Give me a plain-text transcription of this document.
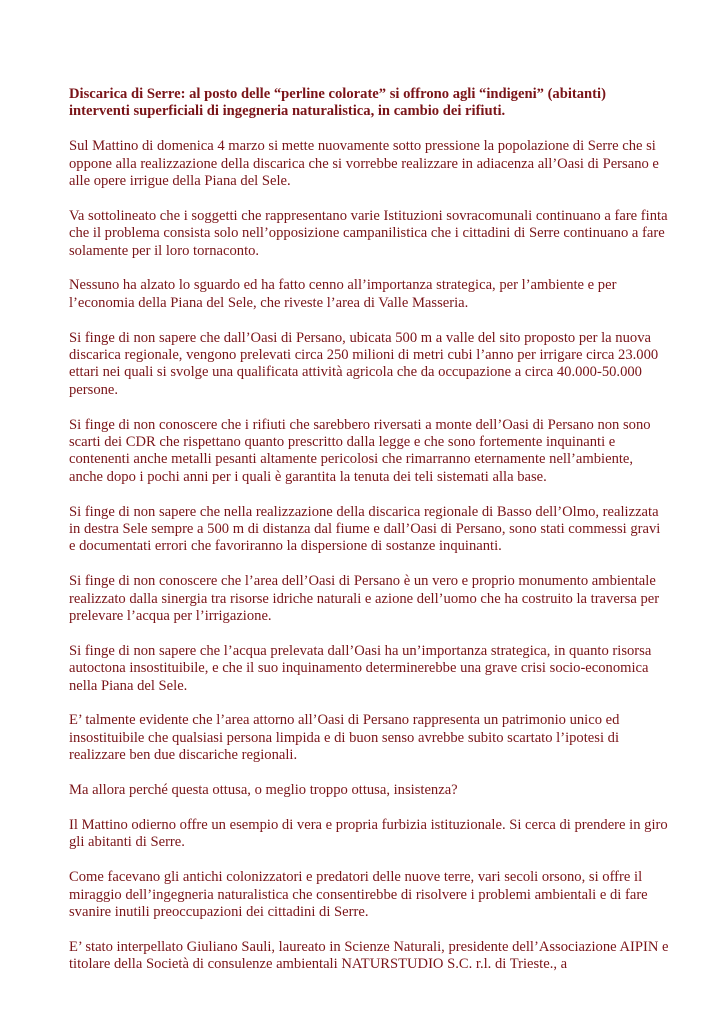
Discarica di Serre: al posto delle “perline colorate” si offrono agli “indigeni” (abitanti) interventi superficiali di ingegneria naturalistica, in cambio dei rifiuti.

Sul Mattino di domenica 4 marzo si mette nuovamente sotto pressione la popolazione di Serre che si oppone alla realizzazione della discarica che si vorrebbe realizzare in adiacenza all’Oasi di Persano e alle opere irrigue della Piana del Sele.

Va sottolineato che i soggetti che rappresentano varie Istituzioni sovracomunali continuano a fare finta che il problema consista solo nell’opposizione campanilistica che i cittadini di Serre continuano a fare solamente per il loro tornaconto.

Nessuno ha alzato lo sguardo ed ha fatto cenno all’importanza strategica, per l’ambiente e per l’economia della Piana del Sele, che riveste l’area di Valle Masseria.

Si finge di non sapere che dall’Oasi di Persano, ubicata 500 m a valle del sito proposto per la nuova discarica regionale, vengono prelevati circa 250 milioni di metri cubi l’anno per irrigare circa 23.000 ettari nei quali si svolge una qualificata attività agricola che da occupazione a circa 40.000-50.000 persone.

Si finge di non conoscere che i rifiuti che sarebbero riversati a monte dell’Oasi di Persano non sono scarti dei CDR che rispettano quanto prescritto dalla legge e che sono fortemente inquinanti e contenenti anche metalli pesanti altamente pericolosi che rimarranno eternamente nell’ambiente, anche dopo i pochi anni per i quali è garantita la tenuta dei teli sistemati alla base.

Si finge di non sapere che nella realizzazione della discarica regionale di Basso dell’Olmo, realizzata in destra Sele sempre a 500 m di distanza dal fiume e dall’Oasi di Persano, sono stati commessi gravi e documentati errori che favoriranno la dispersione di sostanze inquinanti.

Si finge di non conoscere che l’area dell’Oasi di Persano è un vero e proprio monumento ambientale realizzato dalla sinergia tra risorse idriche naturali e azione dell’uomo che ha costruito la traversa per prelevare l’acqua per l’irrigazione.

Si finge di non sapere che l’acqua prelevata dall’Oasi ha un’importanza strategica, in quanto risorsa autoctona insostituibile, e che il suo inquinamento determinerebbe una grave crisi socio-economica nella Piana del Sele.

E’ talmente evidente che l’area attorno all’Oasi di Persano rappresenta un patrimonio unico ed insostituibile che qualsiasi persona limpida e di buon senso avrebbe subito scartato l’ipotesi di realizzare ben due discariche regionali.

Ma allora perché questa ottusa, o meglio troppo ottusa, insistenza?

Il Mattino odierno offre un esempio di vera e propria furbizia istituzionale. Si cerca di prendere in giro gli abitanti di Serre.

Come facevano gli antichi colonizzatori e predatori delle nuove terre, vari secoli orsono, si offre il miraggio dell’ingegneria naturalistica che consentirebbe di risolvere i problemi ambientali e di fare svanire inutili preoccupazioni dei cittadini di Serre.

E’ stato interpellato Giuliano Sauli, laureato in Scienze Naturali, presidente dell’Associazione AIPIN e titolare della Società di consulenze ambientali NATURSTUDIO S.C. r.l. di Trieste., a
